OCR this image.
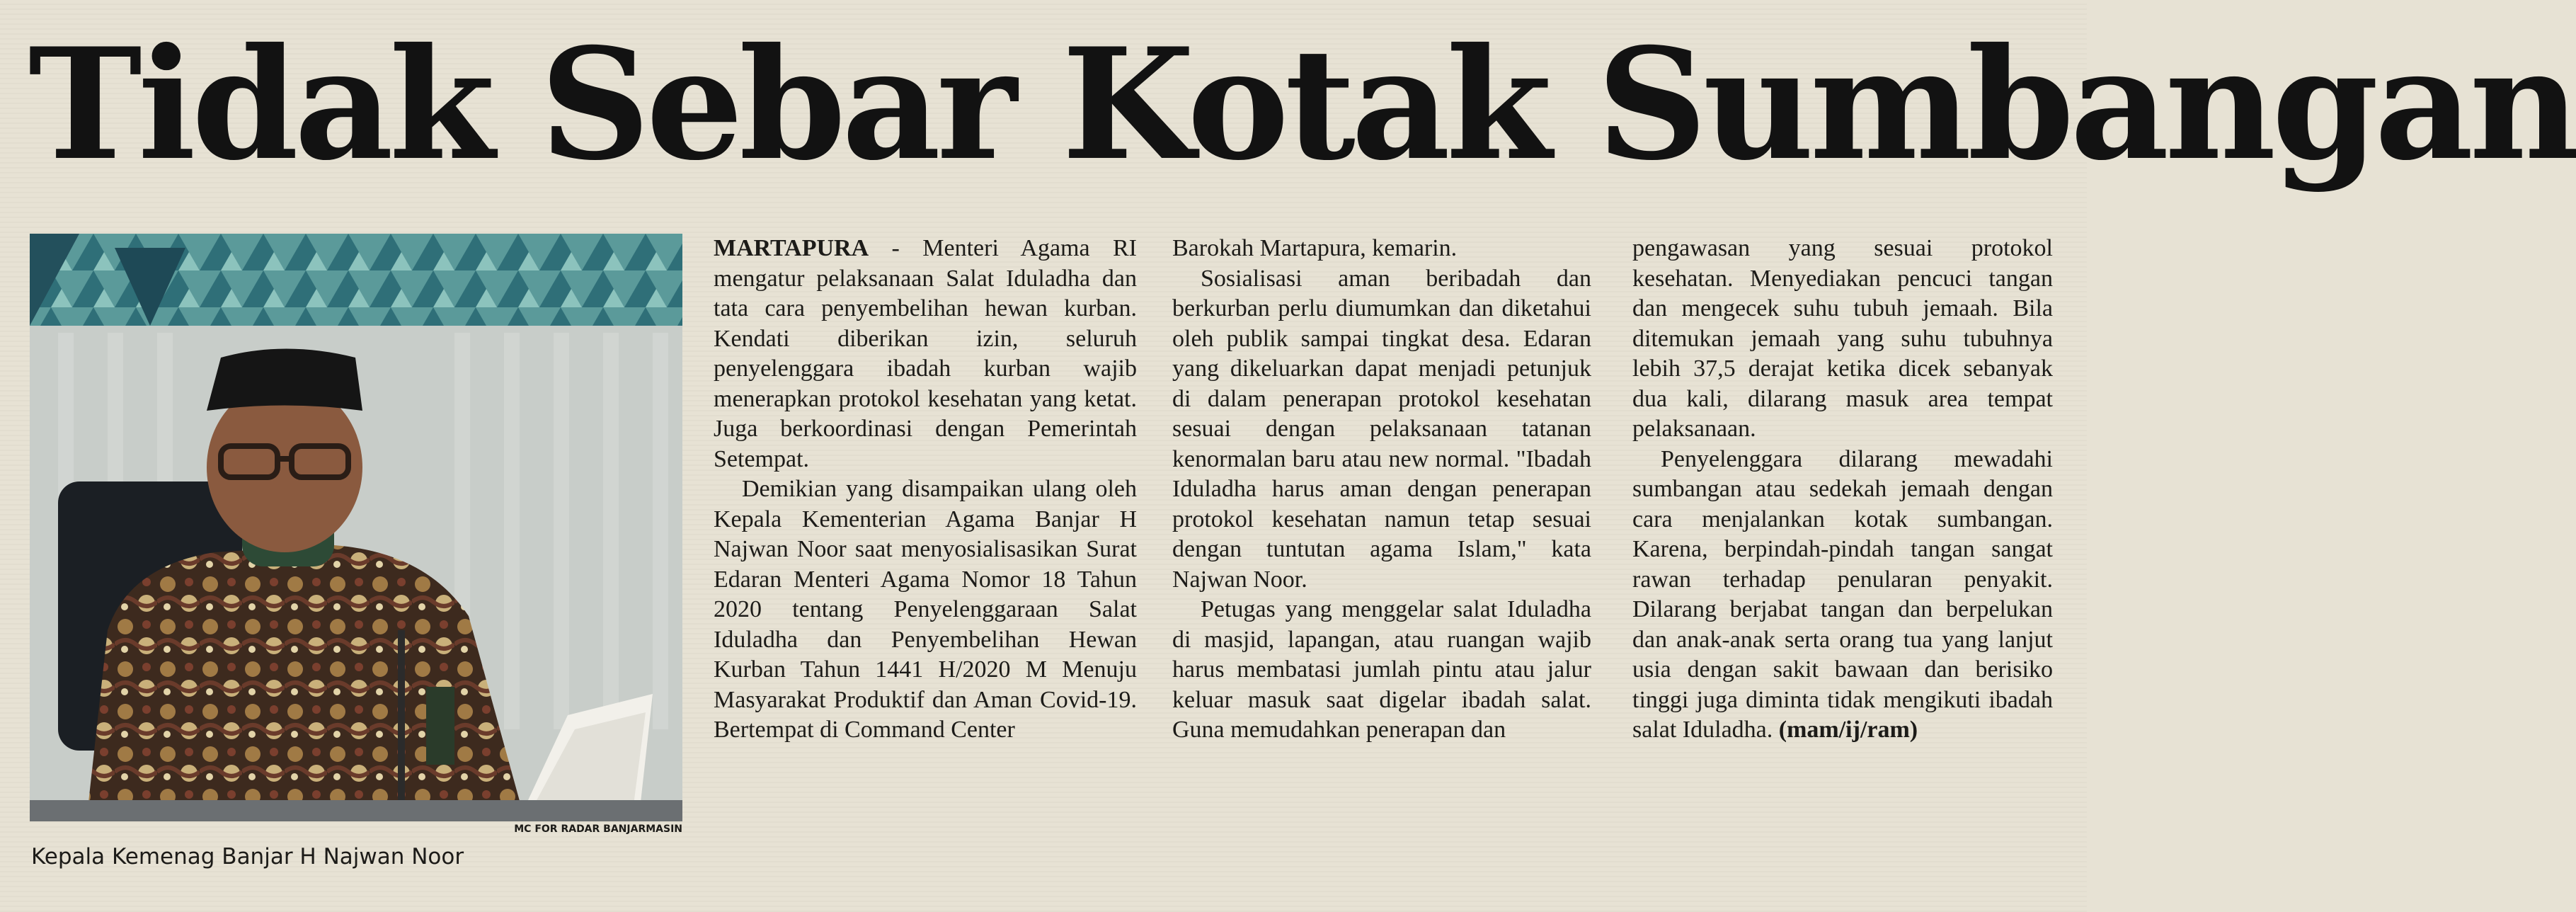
Tidak Sebar Kotak Sumbangan
MC FOR RADAR BANJARMASIN
Kepala Kemenag Banjar H Najwan Noor

MARTAPURA - Menteri Agama RI mengatur pelaksanaan Salat Iduladha dan tata cara penyembelihan hewan kurban. Kendati diberikan izin, seluruh penyelenggara ibadah kurban wajib menerapkan protokol kesehatan yang ketat. Juga berkoordinasi dengan Pemerintah Setempat.

Demikian yang disampaikan ulang oleh Kepala Kementerian Agama Banjar H Najwan Noor saat menyosialisasikan Surat Edaran Menteri Agama Nomor 18 Tahun 2020 tentang Penyelenggaraan Salat Iduladha dan Penyembelihan Hewan Kurban Tahun 1441 H/2020 M Menuju Masyarakat Produktif dan Aman Covid-19. Bertempat di Command Center

Barokah Martapura, kemarin.

Sosialisasi aman beribadah dan berkurban perlu diumumkan dan diketahui oleh publik sampai tingkat desa. Edaran yang dikeluarkan dapat menjadi petunjuk di dalam penerapan protokol kesehatan sesuai dengan pelaksanaan tatanan kenormalan baru atau new normal. "Ibadah Iduladha harus aman dengan penerapan protokol kesehatan namun tetap sesuai dengan tuntutan agama Islam," kata Najwan Noor.

Petugas yang menggelar salat Iduladha di masjid, lapangan, atau ruangan wajib harus membatasi jumlah pintu atau jalur keluar masuk saat digelar ibadah salat. Guna memudahkan penerapan dan

pengawasan yang sesuai protokol kesehatan. Menyediakan pencuci tangan dan mengecek suhu tubuh jemaah. Bila ditemukan jemaah yang suhu tubuhnya lebih 37,5 derajat ketika dicek sebanyak dua kali, dilarang masuk area tempat pelaksanaan.

Penyelenggara dilarang mewadahi sumbangan atau sedekah jemaah dengan cara menjalankan kotak sumbangan. Karena, berpindah-pindah tangan sangat rawan terhadap penularan penyakit. Dilarang berjabat tangan dan berpelukan dan anak-anak serta orang tua yang lanjut usia dengan sakit bawaan dan berisiko tinggi juga diminta tidak mengikuti ibadah salat Iduladha. (mam/ij/ram)
